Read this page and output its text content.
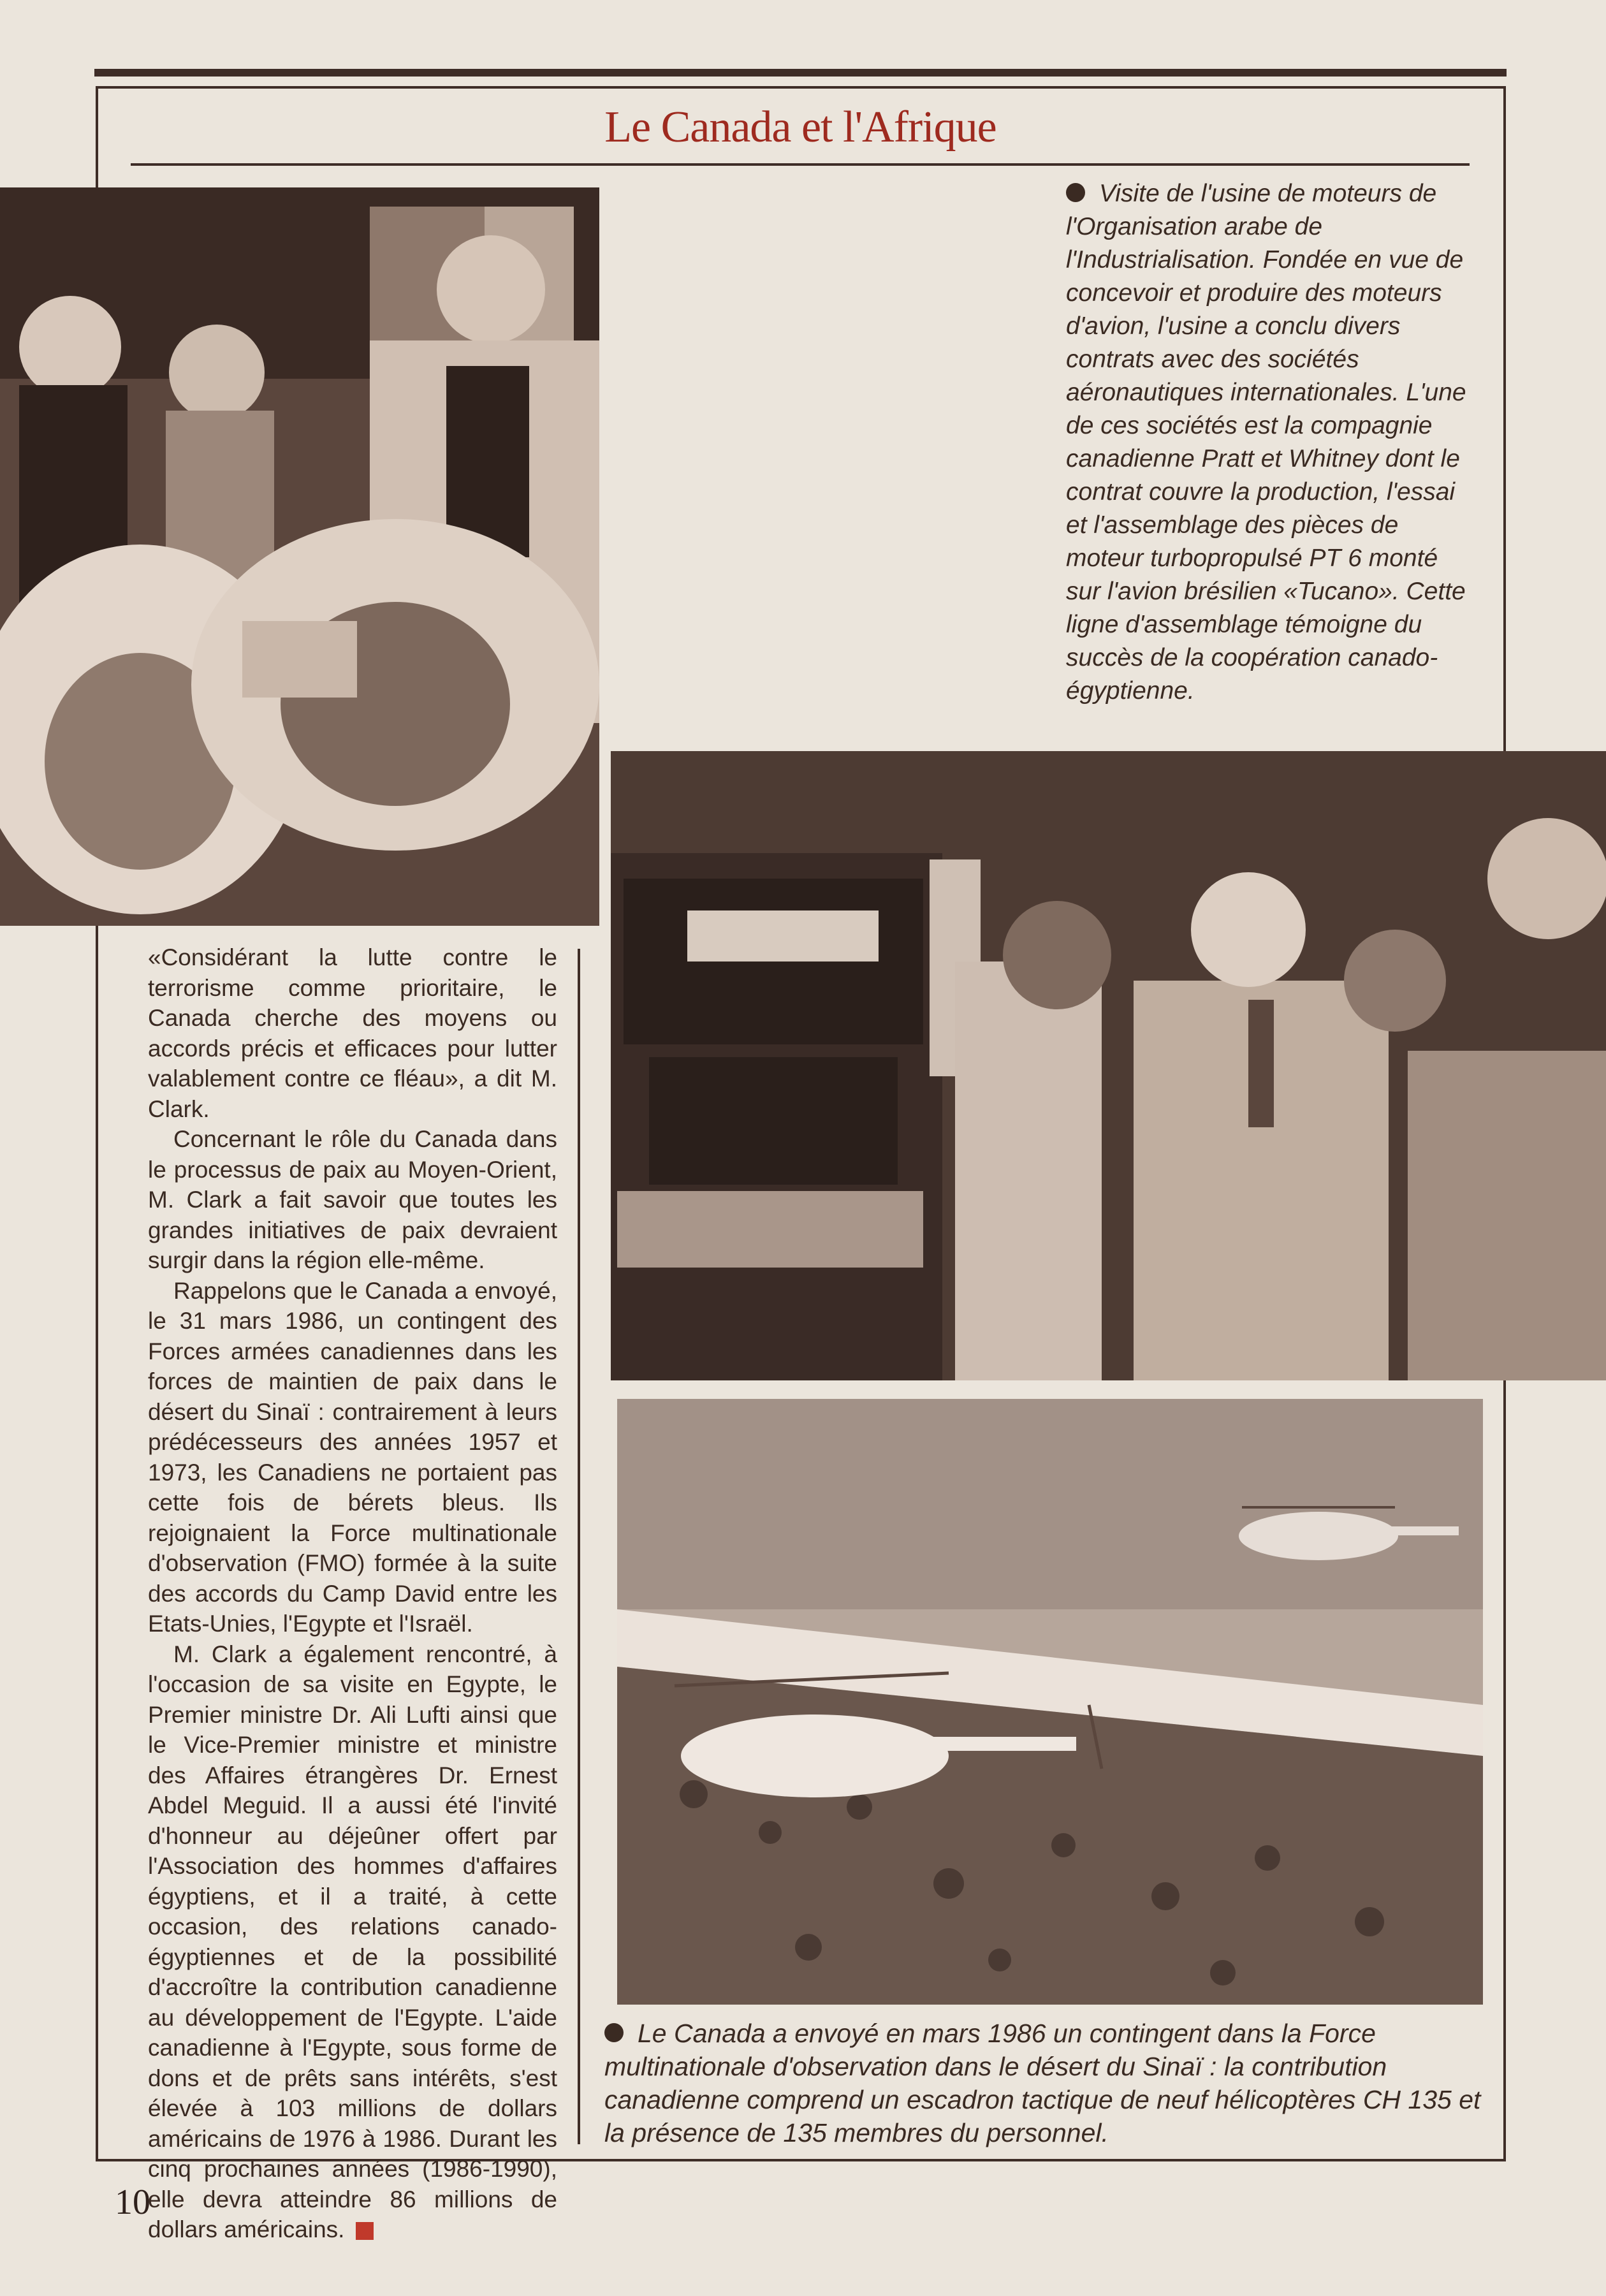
Le Canada et l'Afrique
Visite de l'usine de moteurs de l'Organisation arabe de l'Industrialisation. Fondée en vue de concevoir et produire des moteurs d'avion, l'usine a conclu divers contrats avec des sociétés aéronautiques internationales. L'une de ces sociétés est la compagnie canadienne Pratt et Whitney dont le contrat couvre la production, l'essai et l'assemblage des pièces de moteur turbopropulsé PT 6 monté sur l'avion brésilien «Tucano». Cette ligne d'assemblage témoigne du succès de la coopération canado-égyptienne.
Le Canada a envoyé en mars 1986 un contingent dans la Force multinationale d'observation dans le désert du Sinaï : la contribution canadienne comprend un escadron tactique de neuf hélicoptères CH 135 et la présence de 135 membres du personnel.

«Considérant la lutte contre le terrorisme comme prioritaire, le Canada cherche des moyens ou accords précis et efficaces pour lutter valablement contre ce fléau», a dit M. Clark.

Concernant le rôle du Canada dans le processus de paix au Moyen-Orient, M. Clark a fait savoir que toutes les grandes initiatives de paix devraient surgir dans la région elle-même.

Rappelons que le Canada a envoyé, le 31 mars 1986, un contingent des Forces armées canadiennes dans les forces de maintien de paix dans le désert du Sinaï : contrairement à leurs prédécesseurs des années 1957 et 1973, les Canadiens ne portaient pas cette fois de bérets bleus. Ils rejoignaient la Force multinationale d'observation (FMO) formée à la suite des accords du Camp David entre les Etats-Unies, l'Egypte et l'Israël.

M. Clark a également rencontré, à l'occasion de sa visite en Egypte, le Premier ministre Dr. Ali Lufti ainsi que le Vice-Premier ministre et ministre des Affaires étrangères Dr. Ernest Abdel Meguid. Il a aussi été l'invité d'honneur au déjeûner offert par l'Association des hommes d'affaires égyptiens, et il a traité, à cette occasion, des relations canado-égyptiennes et de la possibilité d'accroître la contribution canadienne au développement de l'Egypte. L'aide canadienne à l'Egypte, sous forme de dons et de prêts sans intérêts, s'est élevée à 103 millions de dollars américains de 1976 à 1986. Durant les cinq prochaines années (1986-1990), elle devra atteindre 86 millions de dollars américains.

10
